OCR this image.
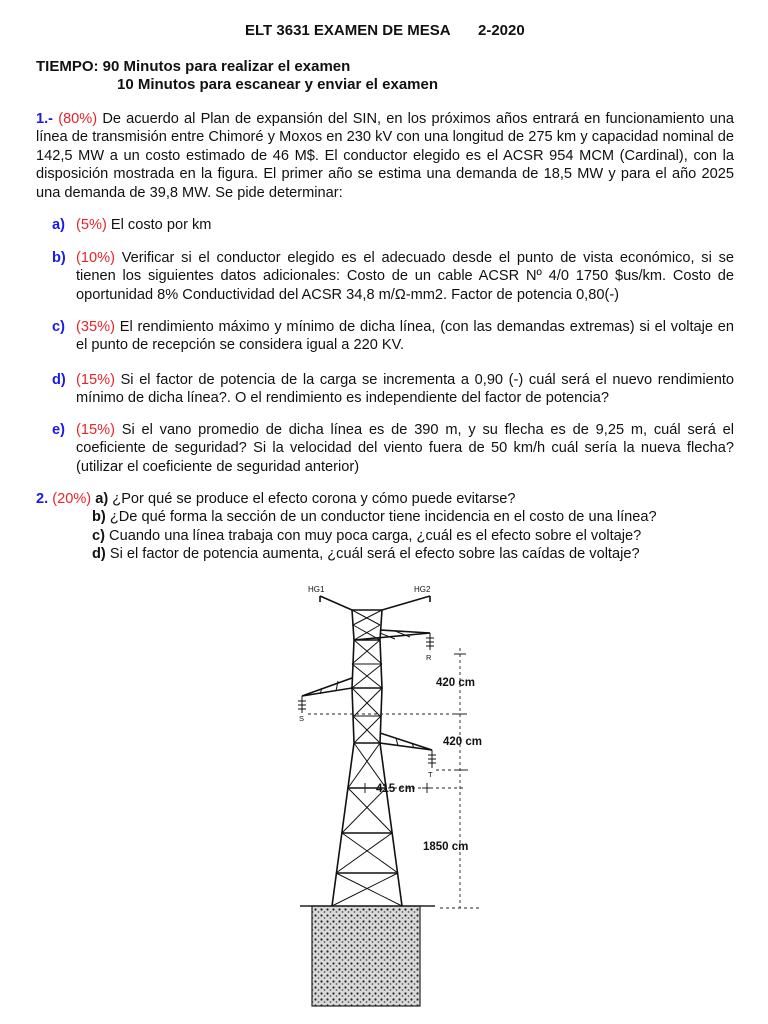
ELT 3631 EXAMEN DE MESA 2-2020
TIEMPO: 90 Minutos para realizar el examen
10 Minutos para escanear y enviar el examen
1.- (80%) De acuerdo al Plan de expansión del SIN, en los próximos años entrará en funcionamiento una línea de transmisión entre Chimoré y Moxos en 230 kV con una longitud de 275 km y capacidad nominal de 142,5 MW a un costo estimado de 46 M$. El conductor elegido es el ACSR 954 MCM (Cardinal), con la disposición mostrada en la figura. El primer año se estima una demanda de 18,5 MW y para el año 2025 una demanda de 39,8 MW. Se pide determinar:
a) (5%) El costo por km
b) (10%) Verificar si el conductor elegido es el adecuado desde el punto de vista económico, si se tienen los siguientes datos adicionales: Costo de un cable ACSR Nº 4/0 1750 $us/km. Costo de oportunidad 8% Conductividad del ACSR 34,8 m/Ω-mm2. Factor de potencia 0,80(-)
c) (35%) El rendimiento máximo y mínimo de dicha línea, (con las demandas extremas) si el voltaje en el punto de recepción se considera igual a 220 KV.
d) (15%) Si el factor de potencia de la carga se incrementa a 0,90 (-) cuál será el nuevo rendimiento mínimo de dicha línea?. O el rendimiento es independiente del factor de potencia?
e) (15%) Si el vano promedio de dicha línea es de 390 m, y su flecha es de 9,25 m, cuál será el coeficiente de seguridad? Si la velocidad del viento fuera de 50 km/h cuál sería la nueva flecha? (utilizar el coeficiente de seguridad anterior)
2. (20%) a) ¿Por qué se produce el efecto corona y cómo puede evitarse?
b) ¿De qué forma la sección de un conductor tiene incidencia en el costo de una línea?
c) Cuando una línea trabaja con muy poca carga, ¿cuál es el efecto sobre el voltaje?
d) Si el factor de potencia aumenta, ¿cuál será el efecto sobre las caídas de voltaje?
HG1	HG2
R
S
T
420 cm
420 cm
415 cm
1850 cm
